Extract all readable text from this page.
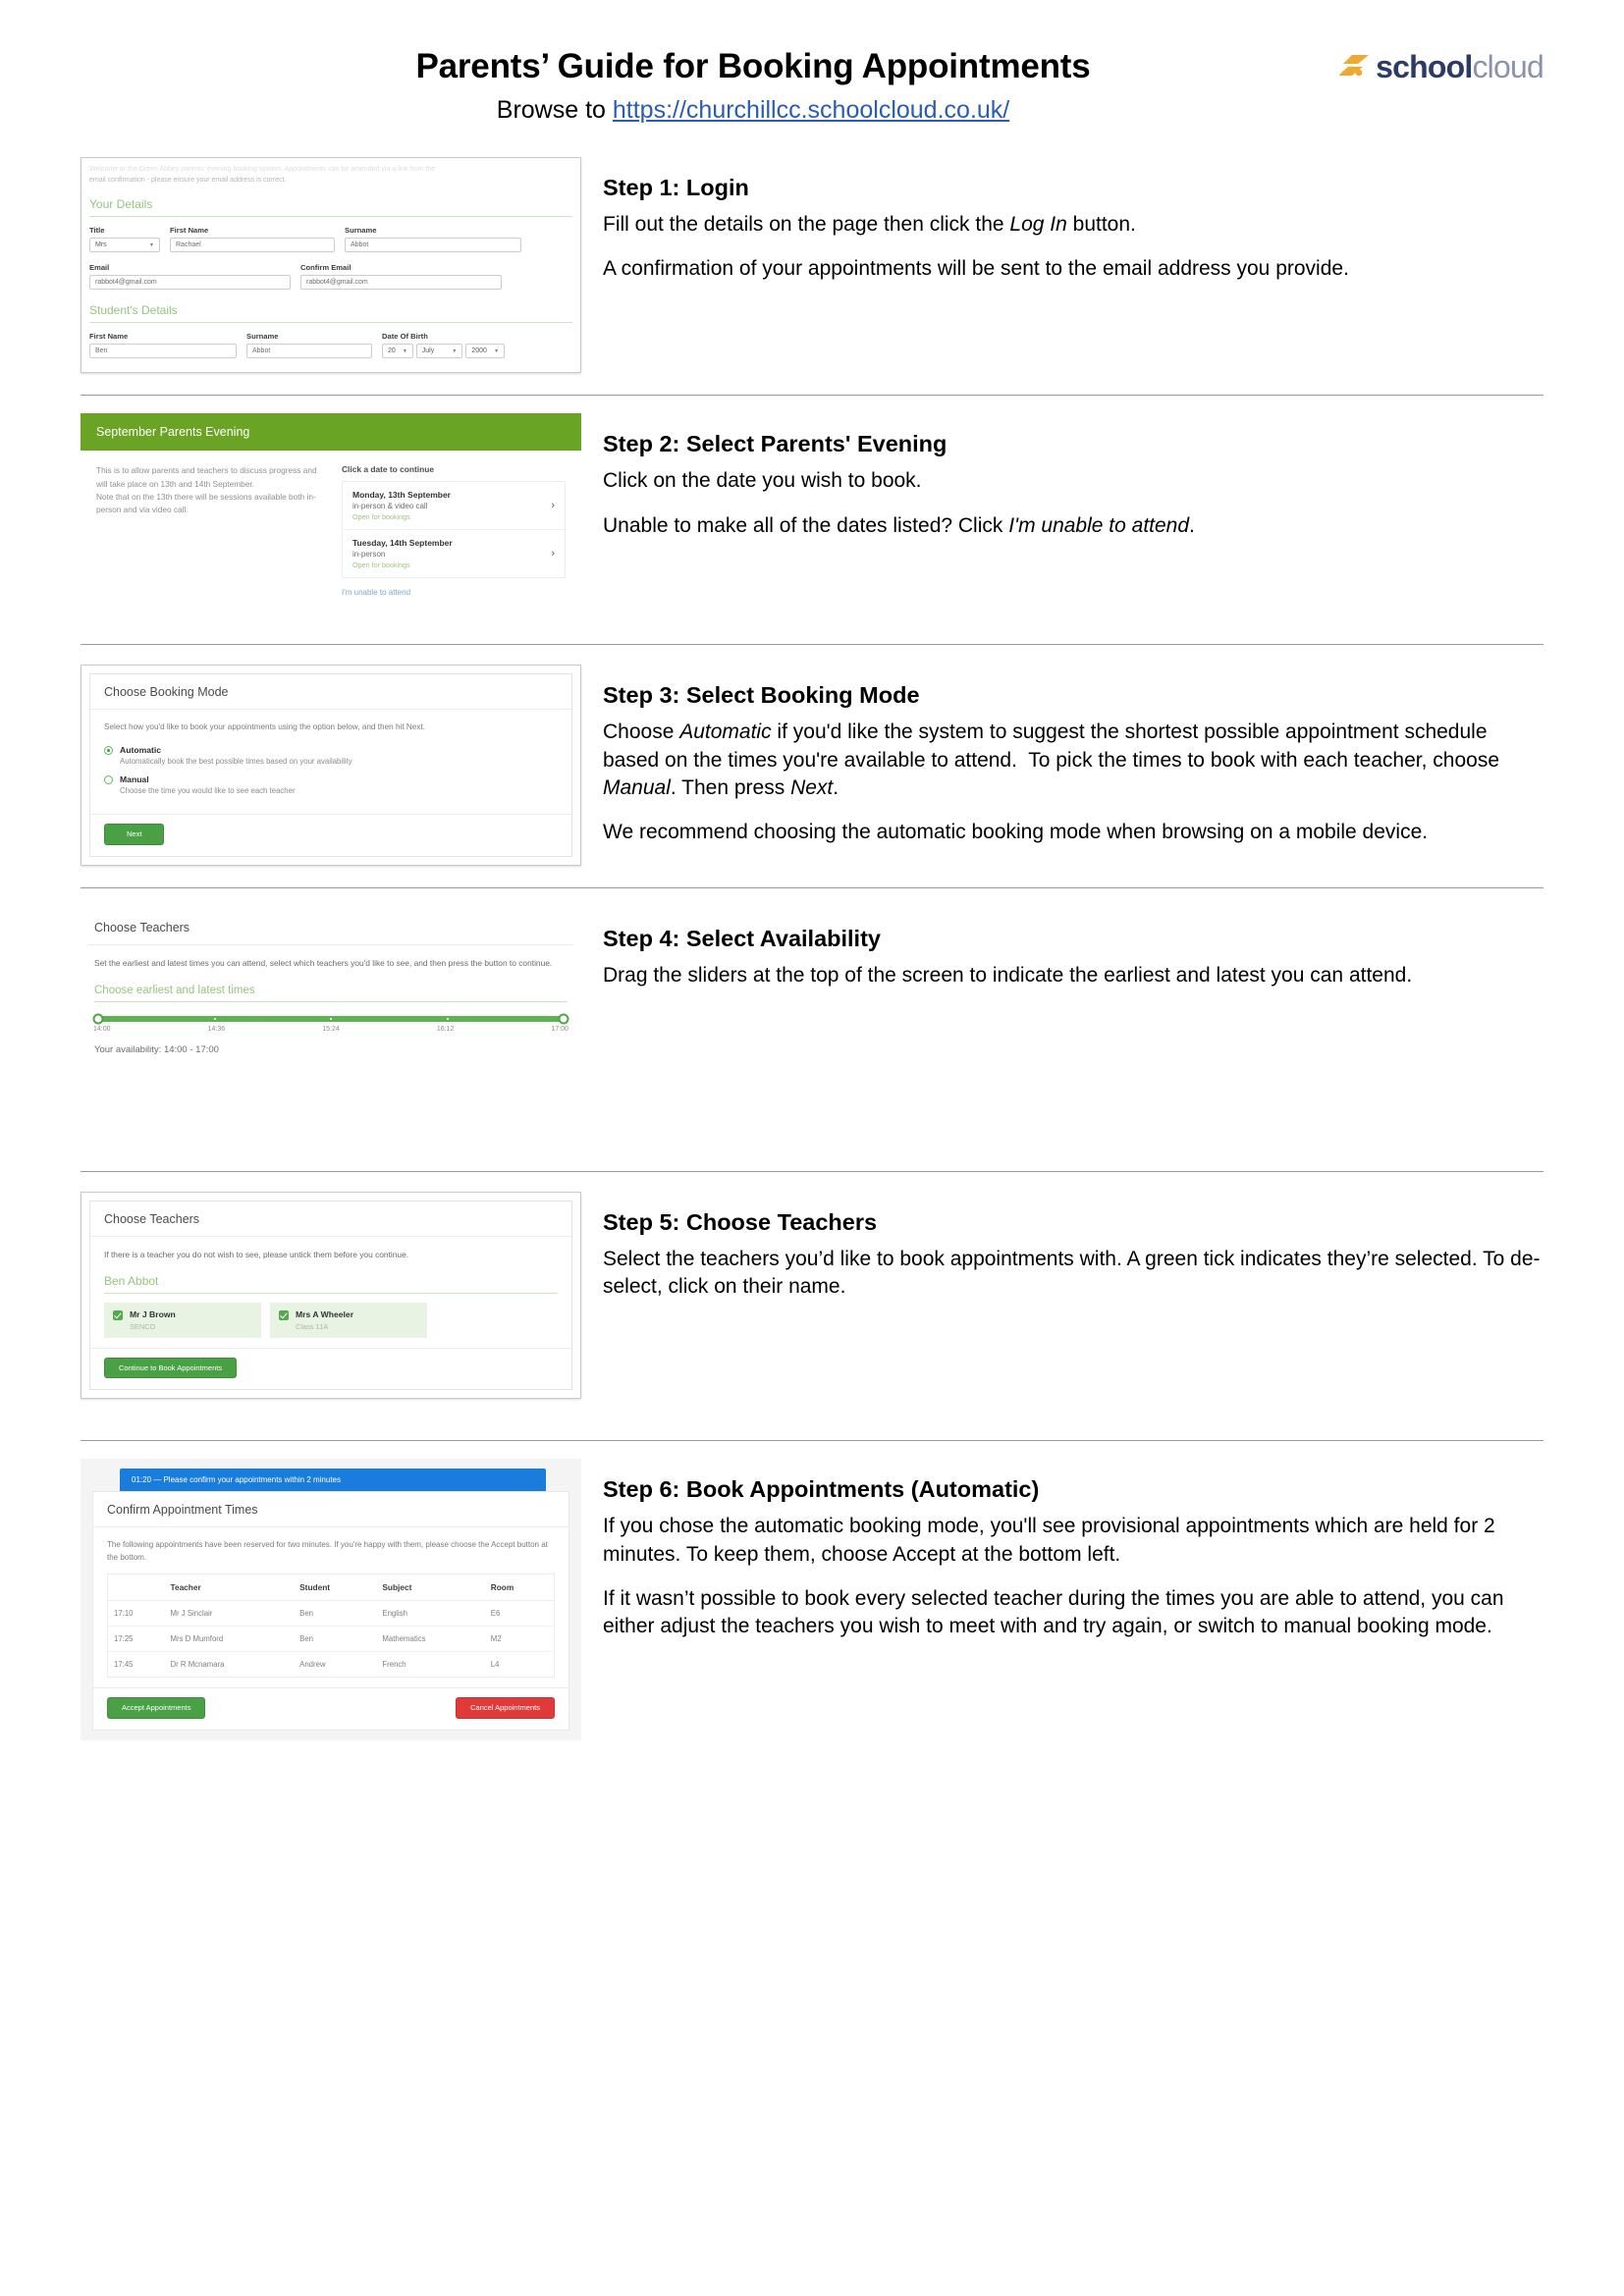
Parents’ Guide for Booking Appointments
Browse to https://churchillcc.schoolcloud.co.uk/
schoolcloud
Welcome to the Green Abbey parents' evening booking system. Appointments can be amended via a link from the
email confirmation - please ensure your email address is correct.
Your Details
Title
Mrs	▼
First Name
Rachael
Surname
Abbot
Email
rabbot4@gmail.com
Confirm Email
rabbot4@gmail.com
Student's Details
First Name
Ben
Surname
Abbot
Date Of Birth
20 ▼ July	▼ 2000 ▼
Step 1: Login

Fill out the details on the page then click the Log In button.

A confirmation of your appointments will be sent to the email address you provide.

September Parents Evening
This is to allow parents and teachers to discuss progress and will take place on 13th and 14th September.
Note that on the 13th there will be sessions available both in-person and via video call.
Click a date to continue
Monday, 13th September
in-person & video call
Open for bookings
›
Tuesday, 14th September
in-person
Open for bookings
›
I'm unable to attend
Step 2: Select Parents' Evening

Click on the date you wish to book.

Unable to make all of the dates listed? Click I'm unable to attend.

Choose Booking Mode
Select how you'd like to book your appointments using the option below, and then hit Next.
Automatic
Automatically book the best possible times based on your availability
Manual
Choose the time you would like to see each teacher
Next
Step 3: Select Booking Mode

Choose Automatic if you'd like the system to suggest the shortest possible appointment schedule based on the times you're available to attend.  To pick the times to book with each teacher, choose Manual. Then press Next.

We recommend choosing the automatic booking mode when browsing on a mobile device.

Choose Teachers
Set the earliest and latest times you can attend, select which teachers you'd like to see, and then press the button to continue.
Choose earliest and latest times
14:00	14:36	15:24	16:12	17:00
Your availability: 14:00 - 17:00
Step 4: Select Availability

Drag the sliders at the top of the screen to indicate the earliest and latest you can attend.

Choose Teachers
If there is a teacher you do not wish to see, please untick them before you continue.
Ben Abbot
Mr J Brown
SENCO
Mrs A Wheeler
Class 11A
Continue to Book Appointments
Step 5: Choose Teachers

Select the teachers you’d like to book appointments with. A green tick indicates they’re selected. To de-select, click on their name.

01:20 — Please confirm your appointments within 2 minutes
Confirm Appointment Times
The following appointments have been reserved for two minutes. If you're happy with them, please choose the Accept button at the bottom.
	Teacher	Student	Subject	Room
17:10	Mr J Sinclair	Ben	English	E6
17:25	Mrs D Mumford	Ben	Mathematics	M2
17:45	Dr R Mcnamara	Andrew	French	L4
Accept Appointments	Cancel Appointments
Step 6: Book Appointments (Automatic)

If you chose the automatic booking mode, you'll see provisional appointments which are held for 2 minutes. To keep them, choose Accept at the bottom left.

If it wasn’t possible to book every selected teacher during the times you are able to attend, you can either adjust the teachers you wish to meet with and try again, or switch to manual booking mode.
